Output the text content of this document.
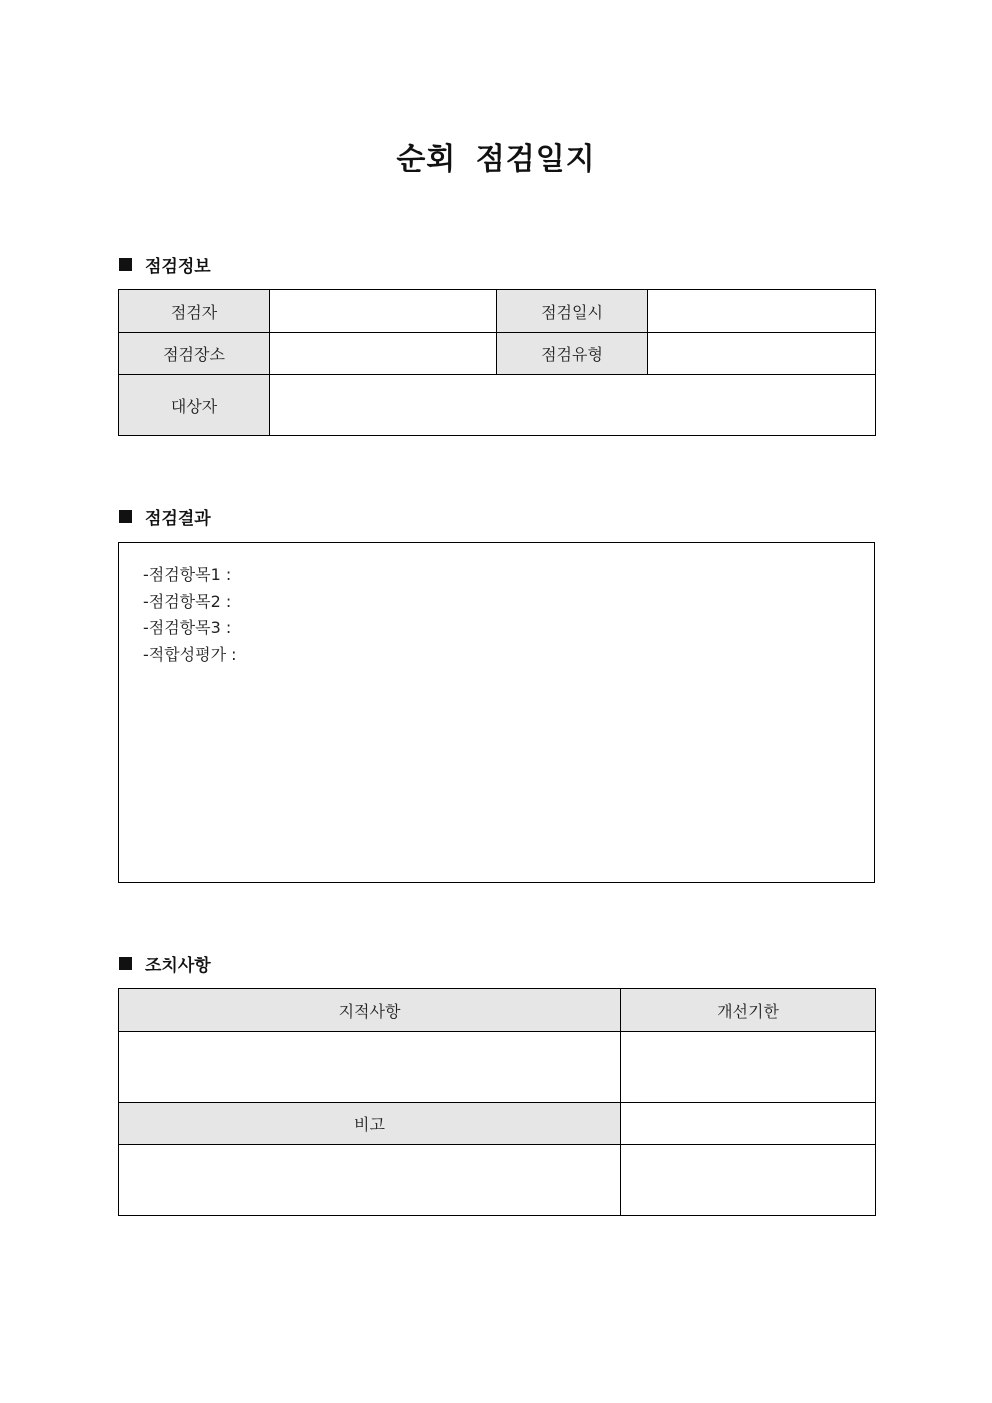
순회 점검일지
점검정보
점검자		점검일시	
점검장소		점검유형	
대상자			
점검결과
-점검항목1 :
-점검항목2 :
-점검항목3 :
-적합성평가 :
조치사항
지적사항	개선기한

비고	
